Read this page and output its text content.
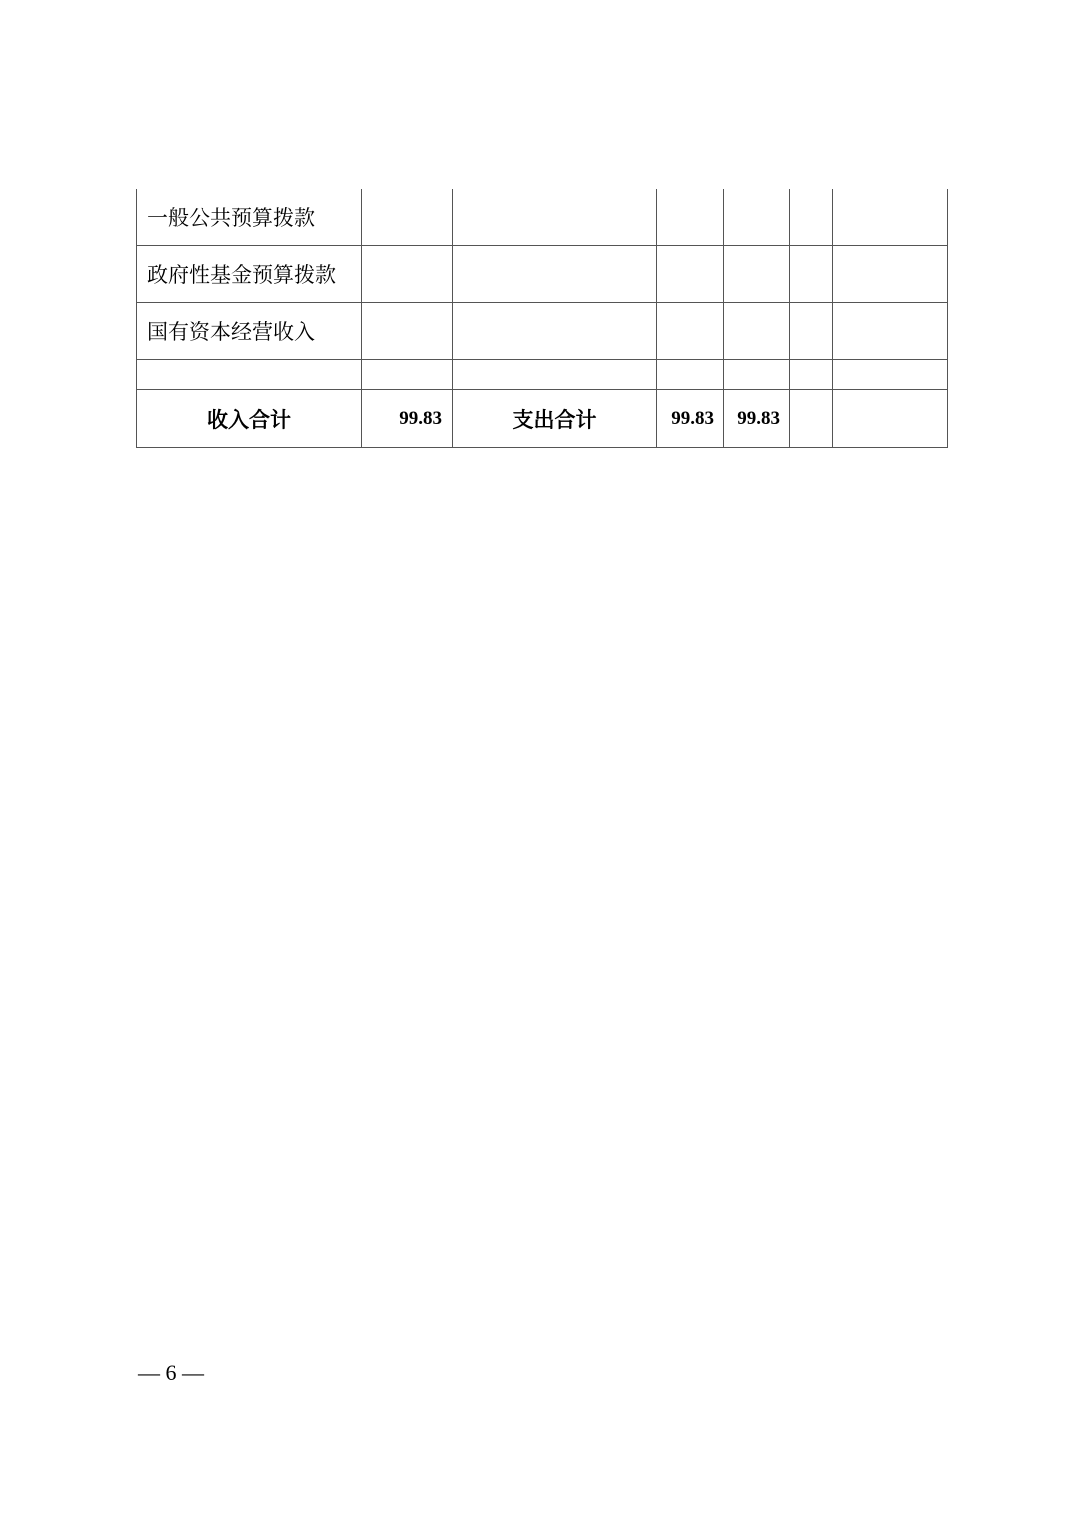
一般公共预算拨款						
政府性基金预算拨款						
国有资本经营收入						

收入合计	99.83	支出合计	99.83	99.83		
— 6 —
